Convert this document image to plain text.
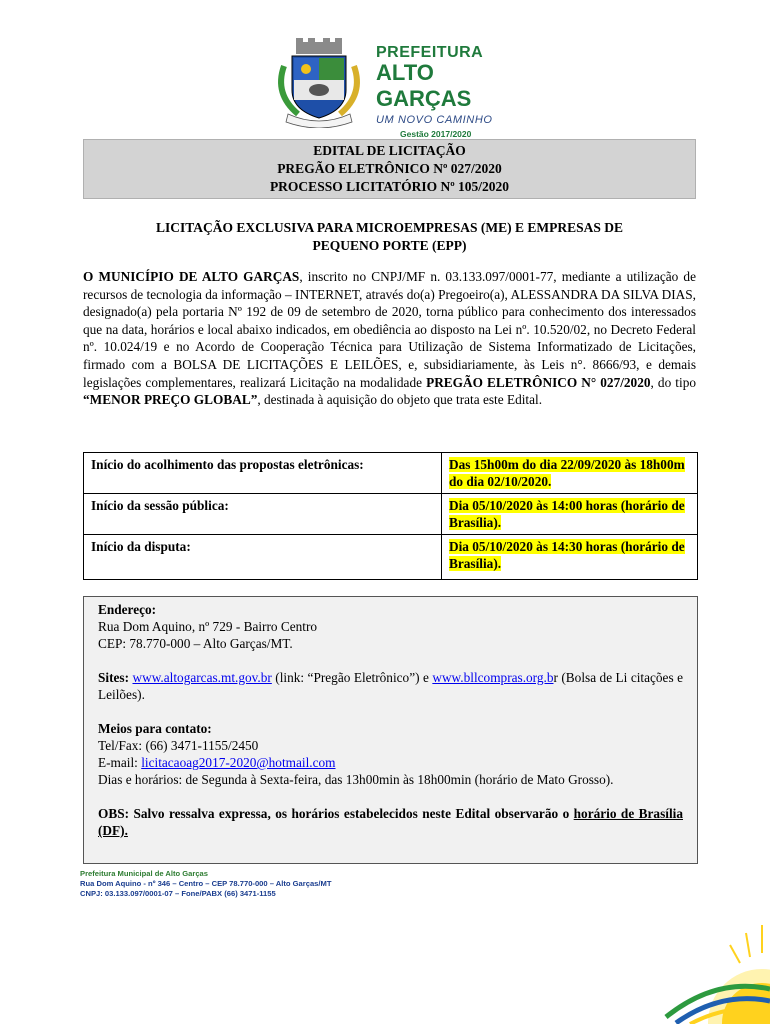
PREFEITURA
ALTO GARÇAS
UM NOVO CAMINHO
Gestão 2017/2020
EDITAL DE LICITAÇÃO
PREGÃO ELETRÔNICO Nº 027/2020
PROCESSO LICITATÓRIO Nº 105/2020
LICITAÇÃO EXCLUSIVA PARA MICROEMPRESAS (ME) E EMPRESAS DE
PEQUENO PORTE (EPP)
O MUNICÍPIO DE ALTO GARÇAS, inscrito no CNPJ/MF n. 03.133.097/0001-77, mediante a utilização de recursos de tecnologia da informação – INTERNET, através do(a) Pregoeiro(a), ALESSANDRA DA SILVA DIAS, designado(a) pela portaria Nº 192 de 09 de setembro de 2020, torna público para conhecimento dos interessados que na data, horários e local abaixo indicados, em obediência ao disposto na Lei nº. 10.520/02, no Decreto Federal nº. 10.024/19 e no Acordo de Cooperação Técnica para Utilização de Sistema Informatizado de Licitações, firmado com a BOLSA DE LICITAÇÕES E LEILÕES, e, subsidiariamente, às Leis n°. 8666/93, e demais legislações complementares, realizará Licitação na modalidade PREGÃO ELETRÔNICO N° 027/2020, do tipo “MENOR PREÇO GLOBAL”, destinada à aquisição do objeto que trata este Edital.
Início do acolhimento das propostas eletrônicas:	Das 15h00m do dia 22/09/2020 às 18h00m do dia 02/10/2020.
Início da sessão pública:	Dia 05/10/2020 às 14:00 horas (horário de Brasília).
Início da disputa:	Dia 05/10/2020 às 14:30 horas (horário de Brasília).

Endereço:

Rua Dom Aquino, nº 729 - Bairro Centro

CEP: 78.770-000 – Alto Garças/MT.

Sites: www.altogarcas.mt.gov.br (link: “Pregão Eletrônico”) e www.bllcompras.org.br (Bolsa de Li citações e Leilões).

Meios para contato:

Tel/Fax: (66) 3471-1155/2450

E-mail: licitacaoag2017-2020@hotmail.com

Dias e horários: de Segunda à Sexta-feira, das 13h00min às 18h00min (horário de Mato Grosso).

OBS: Salvo ressalva expressa, os horários estabelecidos neste Edital observarão o horário de Brasília (DF).

Prefeitura Municipal de Alto Garças
Rua Dom Aquino - nº 346 – Centro – CEP 78.770-000 – Alto Garças/MT
CNPJ: 03.133.097/0001-07 – Fone/PABX (66) 3471-1155
